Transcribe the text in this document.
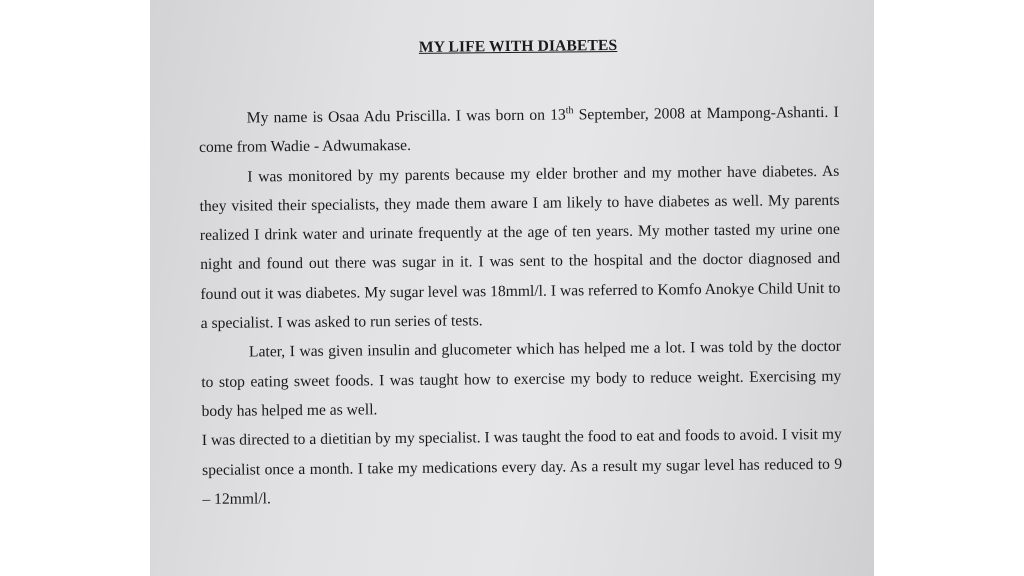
MY LIFE WITH DIABETES

My name is Osaa Adu Priscilla. I was born on 13th September, 2008 at Mampong-Ashanti. I come from Wadie - Adwumakase.

I was monitored by my parents because my elder brother and my mother have diabetes. As they visited their specialists, they made them aware I am likely to have diabetes as well. My parents realized I drink water and urinate frequently at the age of ten years. My mother tasted my urine one night and found out there was sugar in it. I was sent to the hospital and the doctor diagnosed and found out it was diabetes. My sugar level was 18mml/l. I was referred to Komfo Anokye Child Unit to a specialist. I was asked to run series of tests.

Later, I was given insulin and glucometer which has helped me a lot. I was told by the doctor to stop eating sweet foods. I was taught how to exercise my body to reduce weight. Exercising my body has helped me as well.

I was directed to a dietitian by my specialist. I was taught the food to eat and foods to avoid. I visit my specialist once a month. I take my medications every day. As a result my sugar level has reduced to 9 – 12mml/l.
